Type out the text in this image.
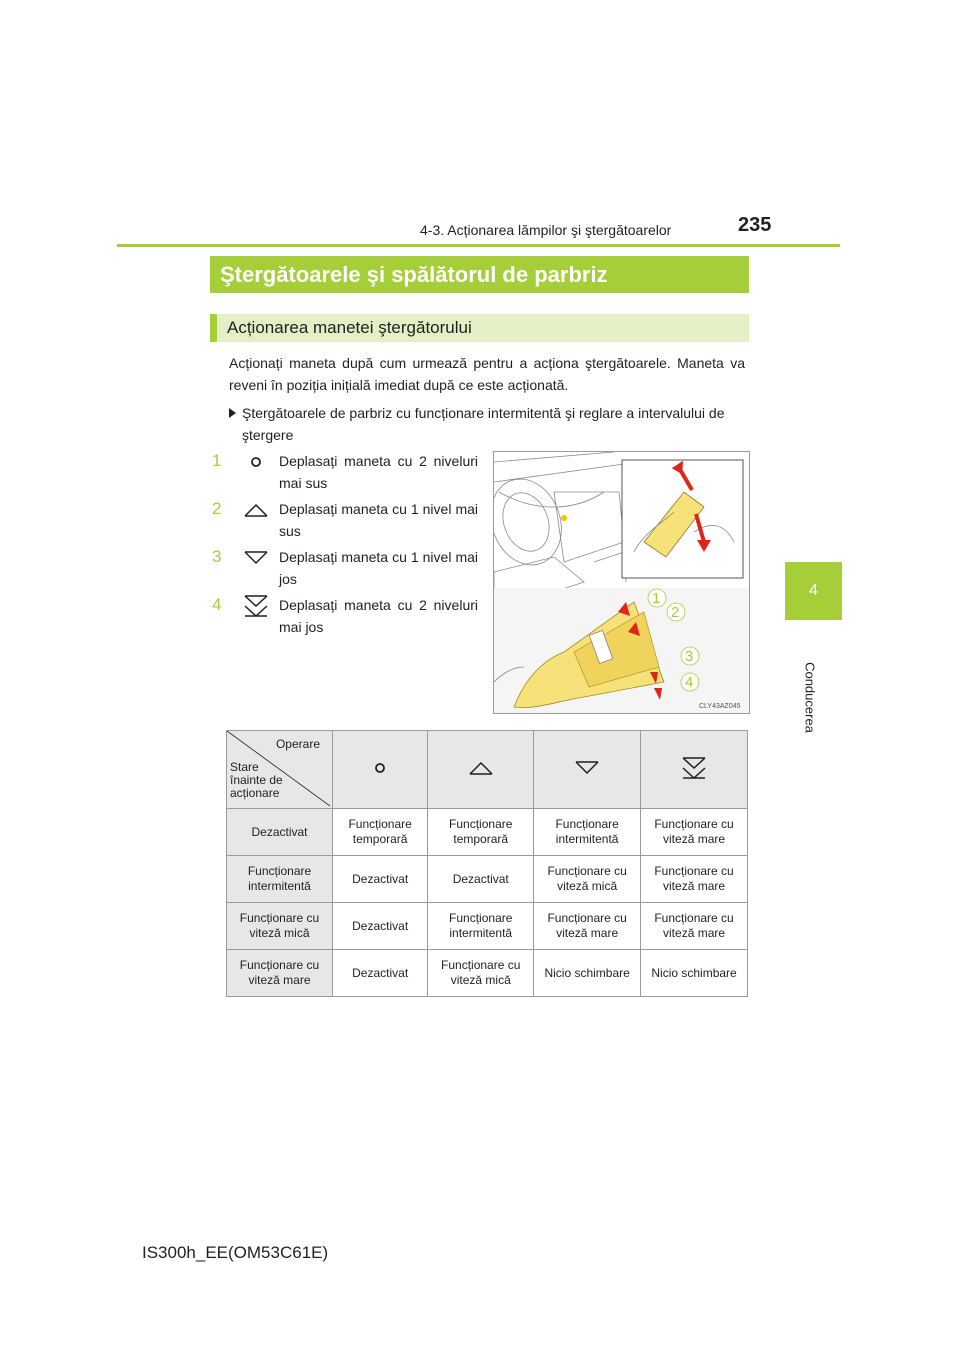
4-3. Acționarea lămpilor şi ştergătoarelor	235
4
Conducerea
Ştergătoarele şi spălătorul de parbriz
Acționarea manetei ştergătorului
Acționați maneta după cum urmează pentru a acționa ştergătoarele. Maneta va reveni în poziția inițială imediat după ce este acționată.
Ştergătoarele de parbriz cu funcționare intermitentă şi reglare a intervalului de ştergere
1	Deplasați maneta cu 2 niveluri mai sus
2	Deplasați maneta cu 1 nivel mai sus
3	Deplasați maneta cu 1 nivel mai jos
4	Deplasați maneta cu 2 niveluri mai jos
1
2
3
4
CLY43AZ045
Operare
Stare înainte de acționare

Dezactivat	Funcționare temporară	Funcționare temporară	Funcționare intermitentă	Funcționare cu viteză mare
Funcționare intermitentă	Dezactivat	Dezactivat	Funcționare cu viteză mică	Funcționare cu viteză mare
Funcționare cu viteză mică	Dezactivat	Funcționare intermitentă	Funcționare cu viteză mare	Funcționare cu viteză mare
Funcționare cu viteză mare	Dezactivat	Funcționare cu viteză mică	Nicio schimbare	Nicio schimbare
IS300h_EE(OM53C61E)
